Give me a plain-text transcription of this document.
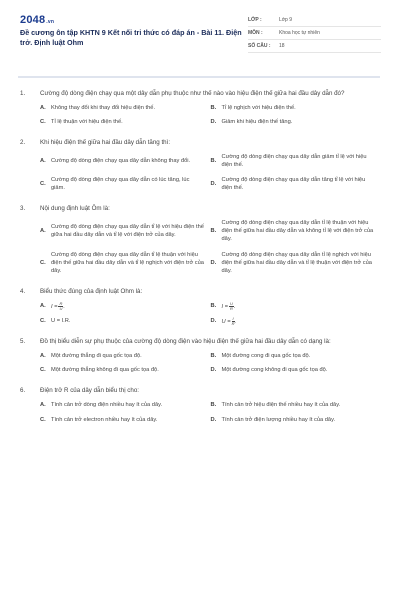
2048.vn
Đề cương ôn tập KHTN 9 Kết nối tri thức có đáp án - Bài 11. Điện trở. Định luật Ohm
LỚP :	Lớp 9
MÔN :	Khoa học tự nhiên
SỐ CÂU :	18
1.	Cường độ dòng điện chạy qua một dây dẫn phụ thuộc như thế nào vào hiệu điện thế giữa hai đầu dây dẫn đó?
A. Không thay đổi khi thay đổi hiệu điện thế.	B. Tỉ lệ nghịch với hiệu điện thế.
C. Tỉ lệ thuận với hiệu điện thế.	D. Giảm khi hiệu điện thế tăng.
2.	Khi hiệu điện thế giữa hai đầu dây dẫn tăng thì:
A. Cường độ dòng điện chạy qua dây dẫn không thay đổi.	B.
Cường độ dòng điện chạy qua dây dẫn giảm tỉ lệ với hiệu điện thế.
C.
Cường độ dòng điện chạy qua dây dẫn có lúc tăng, lúc giảm.
D.
Cường độ dòng điện chạy qua dây dẫn tăng tỉ lệ với hiệu điện thế.
3.	Nội dung định luật Ôm là:
A.
Cường độ dòng điện chạy qua dây dẫn tỉ lệ với hiệu điện thế giữa hai đầu dây dẫn và tỉ lệ với điện trở của dây.
B.
Cường độ dòng điện chạy qua dây dẫn tỉ lệ thuận với hiệu điện thế giữa hai đầu dây dẫn và không tỉ lệ với điện trở của dây.
C.
Cường độ dòng điện chạy qua dây dẫn tỉ lệ thuận với hiệu điện thế giữa hai đầu dây dẫn và tỉ lệ nghịch với điện trở của dây.
D.
Cường độ dòng điện chạy qua dây dẫn tỉ lệ nghịch với hiệu điện thế giữa hai đầu dây dẫn và tỉ lệ thuận với điện trở của dây.
4.	Biểu thức đúng của định luật Ohm là:
A. $I = \frac{R}{U}$ .	B. $I = \frac{U}{R}$ .
C. U = I.R.	D. $U = \frac{I}{R}$ .
5.	Đồ thị biểu diễn sự phụ thuộc của cường độ dòng điện vào hiệu điện thế giữa hai đầu dây dẫn có dạng là:
A. Một đường thẳng đi qua gốc tọa độ.	B. Một đường cong đi qua gốc tọa độ.
C. Một đường thẳng không đi qua gốc tọa độ.	D. Một đường cong không đi qua gốc tọa độ.
6.	Điện trở R của dây dẫn biểu thị cho:
A. Tính cản trở dòng điện nhiều hay ít của dây.	B. Tính cản trở hiệu điện thế nhiều hay ít của dây.
C. Tính cản trở electron nhiều hay ít của dây.	D. Tính cản trở điện lượng nhiều hay ít của dây.
